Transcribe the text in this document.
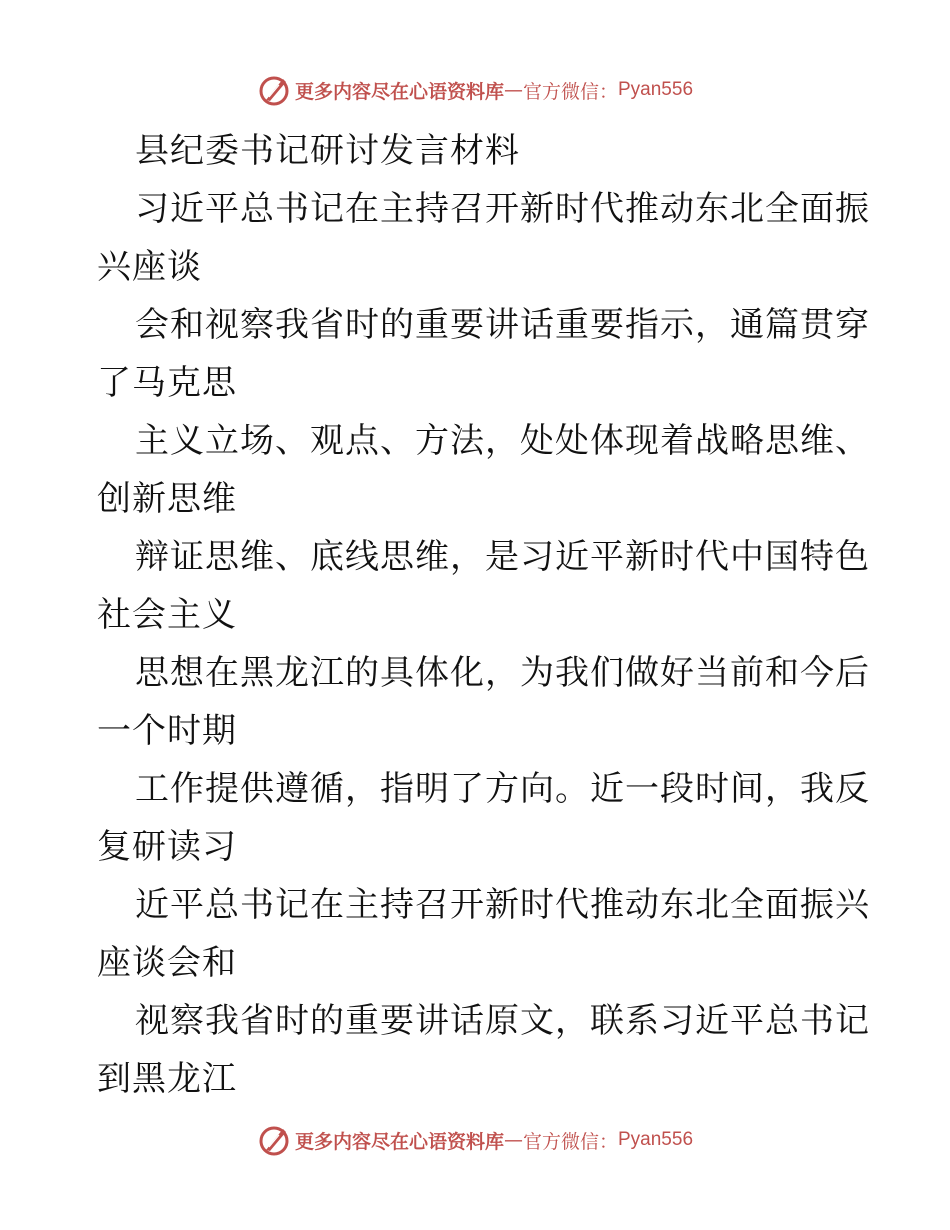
更多内容尽在心语资料库 — 官方微信： Pyan556
县纪委书记研讨发言材料
习近平总书记在主持召开新时代推动东北全面振
兴座谈
会和视察我省时的重要讲话重要指示，通篇贯穿
了马克思
主义立场、观点、方法，处处体现着战略思维、
创新思维
辩证思维、底线思维，是习近平新时代中国特色
社会主义
思想在黑龙江的具体化，为我们做好当前和今后
一个时期
工作提供遵循，指明了方向。近一段时间，我反
复研读习
近平总书记在主持召开新时代推动东北全面振兴
座谈会和
视察我省时的重要讲话原文，联系习近平总书记
到黑龙江
更多内容尽在心语资料库 — 官方微信： Pyan556
